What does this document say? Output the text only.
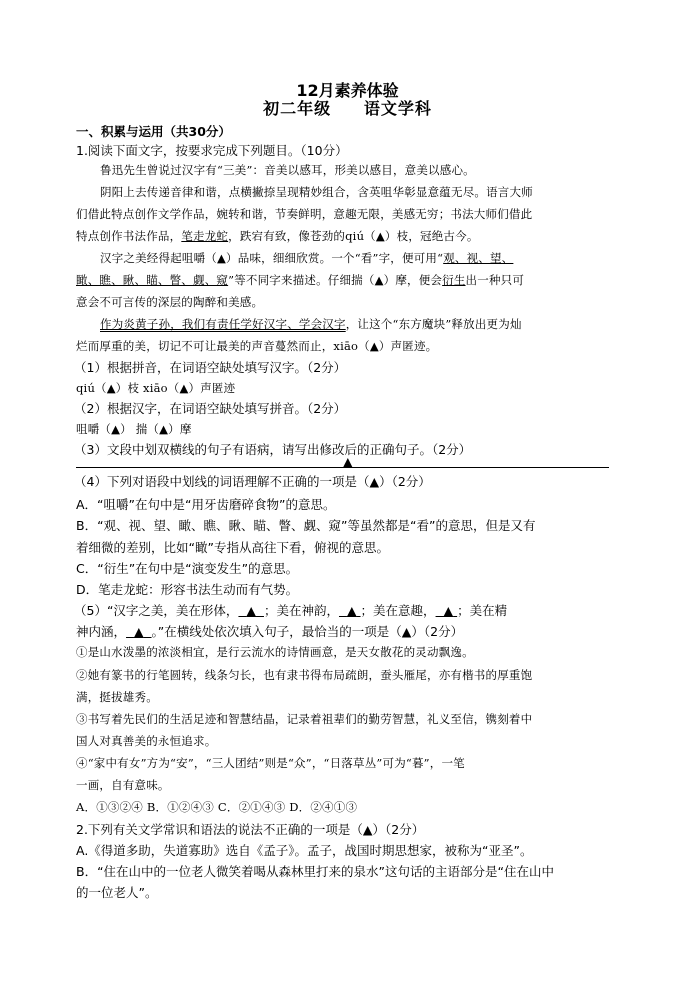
12月素养体验
初二年级     语文学科
一、积累与运用（共30分）
1.阅读下面文字，按要求完成下列题目。（10分）
鲁迅先生曾说过汉字有“三美”：音美以感耳，形美以感目，意美以感心。
阴阳上去传递音律和谐，点横撇捺呈现精妙组合，含英咀华彰显意蕴无尽。语言大师
们借此特点创作文学作品，婉转和谐，节奏鲜明，意趣无限，美感无穷；书法大师们借此
特点创作书法作品，笔走龙蛇，跌宕有致，像苍劲的qiú（▲）枝，冠绝古今。
汉字之美经得起咀嚼（▲）品味，细细欣赏。一个“看”字，便可用“观、视、望、
瞰、瞧、瞅、瞄、瞥、觑、窥”等不同字来描述。仔细揣（▲）摩，便会衍生出一种只可
意会不可言传的深层的陶醉和美感。
作为炎黄子孙，我们有责任学好汉字、学会汉字，让这个“东方魔块”释放出更为灿
烂而厚重的美，切记不可让最美的声音蔓然而止，xiāo（▲）声匿迹。
（1）根据拼音，在词语空缺处填写汉字。（2分）
qiú（▲）枝 xiāo（▲）声匿迹
（2）根据汉字，在词语空缺处填写拼音。（2分）
咀嚼（▲） 揣（▲）摩
（3）文段中划双横线的句子有语病，请写出修改后的正确句子。（2分）
▲
（4）下列对语段中划线的词语理解不正确的一项是（▲）（2分）
A．“咀嚼”在句中是“用牙齿磨碎食物”的意思。
B．“观、视、望、瞰、瞧、瞅、瞄、瞥、觑、窥”等虽然都是“看”的意思，但是又有
着细微的差别，比如“瞰”专指从高往下看，俯视的意思。
C．“衍生”在句中是“演变发生”的意思。
D．笔走龙蛇：形容书法生动而有气势。
（5）“汉字之美，美在形体， ▲ ；美在神韵， ▲ ；美在意趣， ▲ ；美在精
神内涵， ▲ 。”在横线处依次填入句子，最恰当的一项是（▲）（2分）
①是山水泼墨的浓淡相宜，是行云流水的诗情画意，是天女散花的灵动飘逸。
②她有篆书的行笔圆转，线条匀长，也有隶书得布局疏朗，蚕头雁尾，亦有楷书的厚重饱
满，挺拔雄秀。
③书写着先民们的生活足迹和智慧结晶，记录着祖辈们的勤劳智慧，礼义至信，镌刻着中
国人对真善美的永恒追求。
④“家中有女”方为“安”，“三人团结”则是“众”，“日落草丛”可为“暮”，一笔
一画，自有意味。
A．①③②④ B．①②④③ C．②①④③ D．②④①③
2.下列有关文学常识和语法的说法不正确的一项是（▲）（2分）
A.《得道多助，失道寡助》选自《孟子》。孟子，战国时期思想家，被称为“亚圣”。
B．“住在山中的一位老人微笑着喝从森林里打来的泉水”这句话的主语部分是“住在山中
的一位老人”。
